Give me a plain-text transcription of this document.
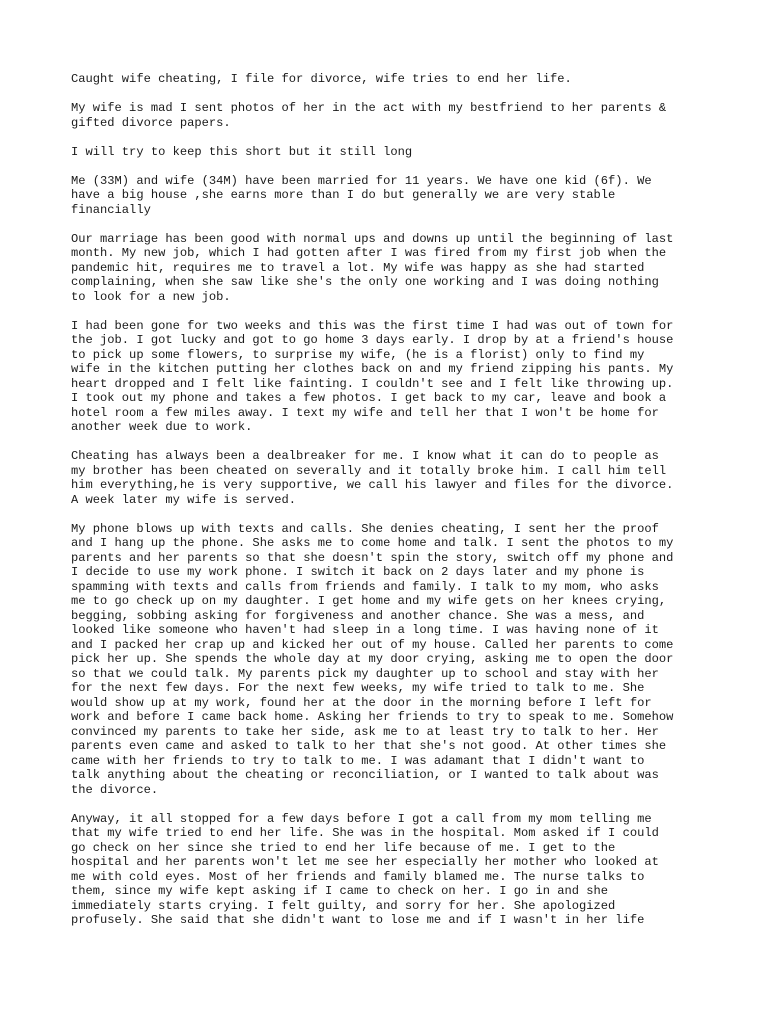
Caught wife cheating, I file for divorce, wife tries to end her life.

My wife is mad I sent photos of her in the act with my bestfriend to her parents &
gifted divorce papers.

I will try to keep this short but it still long

Me (33M) and wife (34M) have been married for 11 years. We have one kid (6f). We
have a big house ,she earns more than I do but generally we are very stable
financially

Our marriage has been good with normal ups and downs up until the beginning of last
month. My new job, which I had gotten after I was fired from my first job when the
pandemic hit, requires me to travel a lot. My wife was happy as she had started
complaining, when she saw like she's the only one working and I was doing nothing
to look for a new job.

I had been gone for two weeks and this was the first time I had was out of town for
the job. I got lucky and got to go home 3 days early. I drop by at a friend's house
to pick up some flowers, to surprise my wife, (he is a florist) only to find my
wife in the kitchen putting her clothes back on and my friend zipping his pants. My
heart dropped and I felt like fainting. I couldn't see and I felt like throwing up.
I took out my phone and takes a few photos. I get back to my car, leave and book a
hotel room a few miles away. I text my wife and tell her that I won't be home for
another week due to work.

Cheating has always been a dealbreaker for me. I know what it can do to people as
my brother has been cheated on severally and it totally broke him. I call him tell
him everything,he is very supportive, we call his lawyer and files for the divorce.
A week later my wife is served.

My phone blows up with texts and calls. She denies cheating, I sent her the proof
and I hang up the phone. She asks me to come home and talk. I sent the photos to my
parents and her parents so that she doesn't spin the story, switch off my phone and
I decide to use my work phone. I switch it back on 2 days later and my phone is
spamming with texts and calls from friends and family. I talk to my mom, who asks
me to go check up on my daughter. I get home and my wife gets on her knees crying,
begging, sobbing asking for forgiveness and another chance. She was a mess, and
looked like someone who haven't had sleep in a long time. I was having none of it
and I packed her crap up and kicked her out of my house. Called her parents to come
pick her up. She spends the whole day at my door crying, asking me to open the door
so that we could talk. My parents pick my daughter up to school and stay with her
for the next few days. For the next few weeks, my wife tried to talk to me. She
would show up at my work, found her at the door in the morning before I left for
work and before I came back home. Asking her friends to try to speak to me. Somehow
convinced my parents to take her side, ask me to at least try to talk to her. Her
parents even came and asked to talk to her that she's not good. At other times she
came with her friends to try to talk to me. I was adamant that I didn't want to
talk anything about the cheating or reconciliation, or I wanted to talk about was
the divorce.

Anyway, it all stopped for a few days before I got a call from my mom telling me
that my wife tried to end her life. She was in the hospital. Mom asked if I could
go check on her since she tried to end her life because of me. I get to the
hospital and her parents won't let me see her especially her mother who looked at
me with cold eyes. Most of her friends and family blamed me. The nurse talks to
them, since my wife kept asking if I came to check on her. I go in and she
immediately starts crying. I felt guilty, and sorry for her. She apologized
profusely. She said that she didn't want to lose me and if I wasn't in her life
